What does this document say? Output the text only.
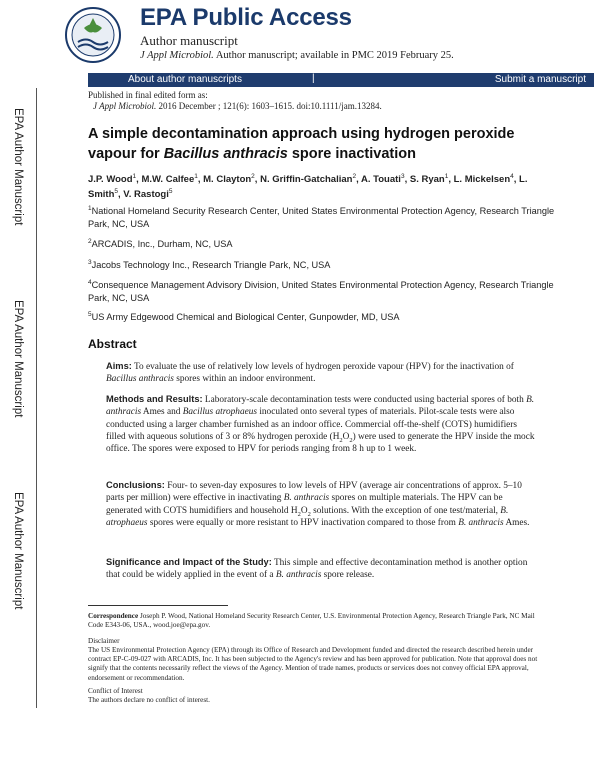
EPA Public Access
Author manuscript
J Appl Microbiol. Author manuscript; available in PMC 2019 February 25.
About author manuscripts	|	Submit a manuscript
Published in final edited form as:
J Appl Microbiol. 2016 December ; 121(6): 1603–1615. doi:10.1111/jam.13284.
EPA Author Manuscript
EPA Author Manuscript
EPA Author Manuscript
A simple decontamination approach using hydrogen peroxide
vapour for Bacillus anthracis spore inactivation
J.P. Wood$^1$, M.W. Calfee$^1$, M. Clayton$^2$, N. Griffin-Gatchalian$^2$, A. Touati$^3$, S. Ryan$^1$, L. Mickelsen$^4$, L. Smith$^5$, V. Rastogi$^5$
$^1$National Homeland Security Research Center, United States Environmental Protection Agency, Research Triangle Park, NC, USA
$^2$ARCADIS, Inc., Durham, NC, USA
$^3$Jacobs Technology Inc., Research Triangle Park, NC, USA
$^4$Consequence Management Advisory Division, United States Environmental Protection Agency, Research Triangle Park, NC, USA
$^5$US Army Edgewood Chemical and Biological Center, Gunpowder, MD, USA
Abstract
Aims: To evaluate the use of relatively low levels of hydrogen peroxide vapour (HPV) for the inactivation of Bacillus anthracis spores within an indoor environment.
Methods and Results: Laboratory-scale decontamination tests were conducted using bacterial spores of both B. anthracis Ames and Bacillus atrophaeus inoculated onto several types of materials. Pilot-scale tests were also conducted using a larger chamber furnished as an indoor office. Commercial off-the-shelf (COTS) humidifiers filled with aqueous solutions of 3 or 8% hydrogen peroxide $(H_2O_2)$ were used to generate the HPV inside the mock office. The spores were exposed to HPV for periods ranging from 8 h up to 1 week.
Conclusions: Four- to seven-day exposures to low levels of HPV (average air concentrations of approx. 5–10 parts per million) were effective in inactivating B. anthracis spores on multiple materials. The HPV can be generated with COTS humidifiers and household $H_2O_2$ solutions. With the exception of one test/material, B. atrophaeus spores were equally or more resistant to HPV inactivation compared to those from B. anthracis Ames.
Significance and Impact of the Study: This simple and effective decontamination method is another option that could be widely applied in the event of a B. anthracis spore release.
Correspondence Joseph P. Wood, National Homeland Security Research Center, U.S. Environmental Protection Agency, Research Triangle Park, NC Mail Code E343-06, USA., wood.joe@epa.gov.
Disclaimer
The US Environmental Protection Agency (EPA) through its Office of Research and Development funded and directed the research described herein under contract EP-C-09-027 with ARCADIS, Inc. It has been subjected to the Agency's review and has been approved for publication. Note that approval does not signify that the contents necessarily reflect the views of the Agency. Mention of trade names, products or services does not convey official EPA approval, endorsement or recommendation.
Conflict of Interest
The authors declare no conflict of interest.
